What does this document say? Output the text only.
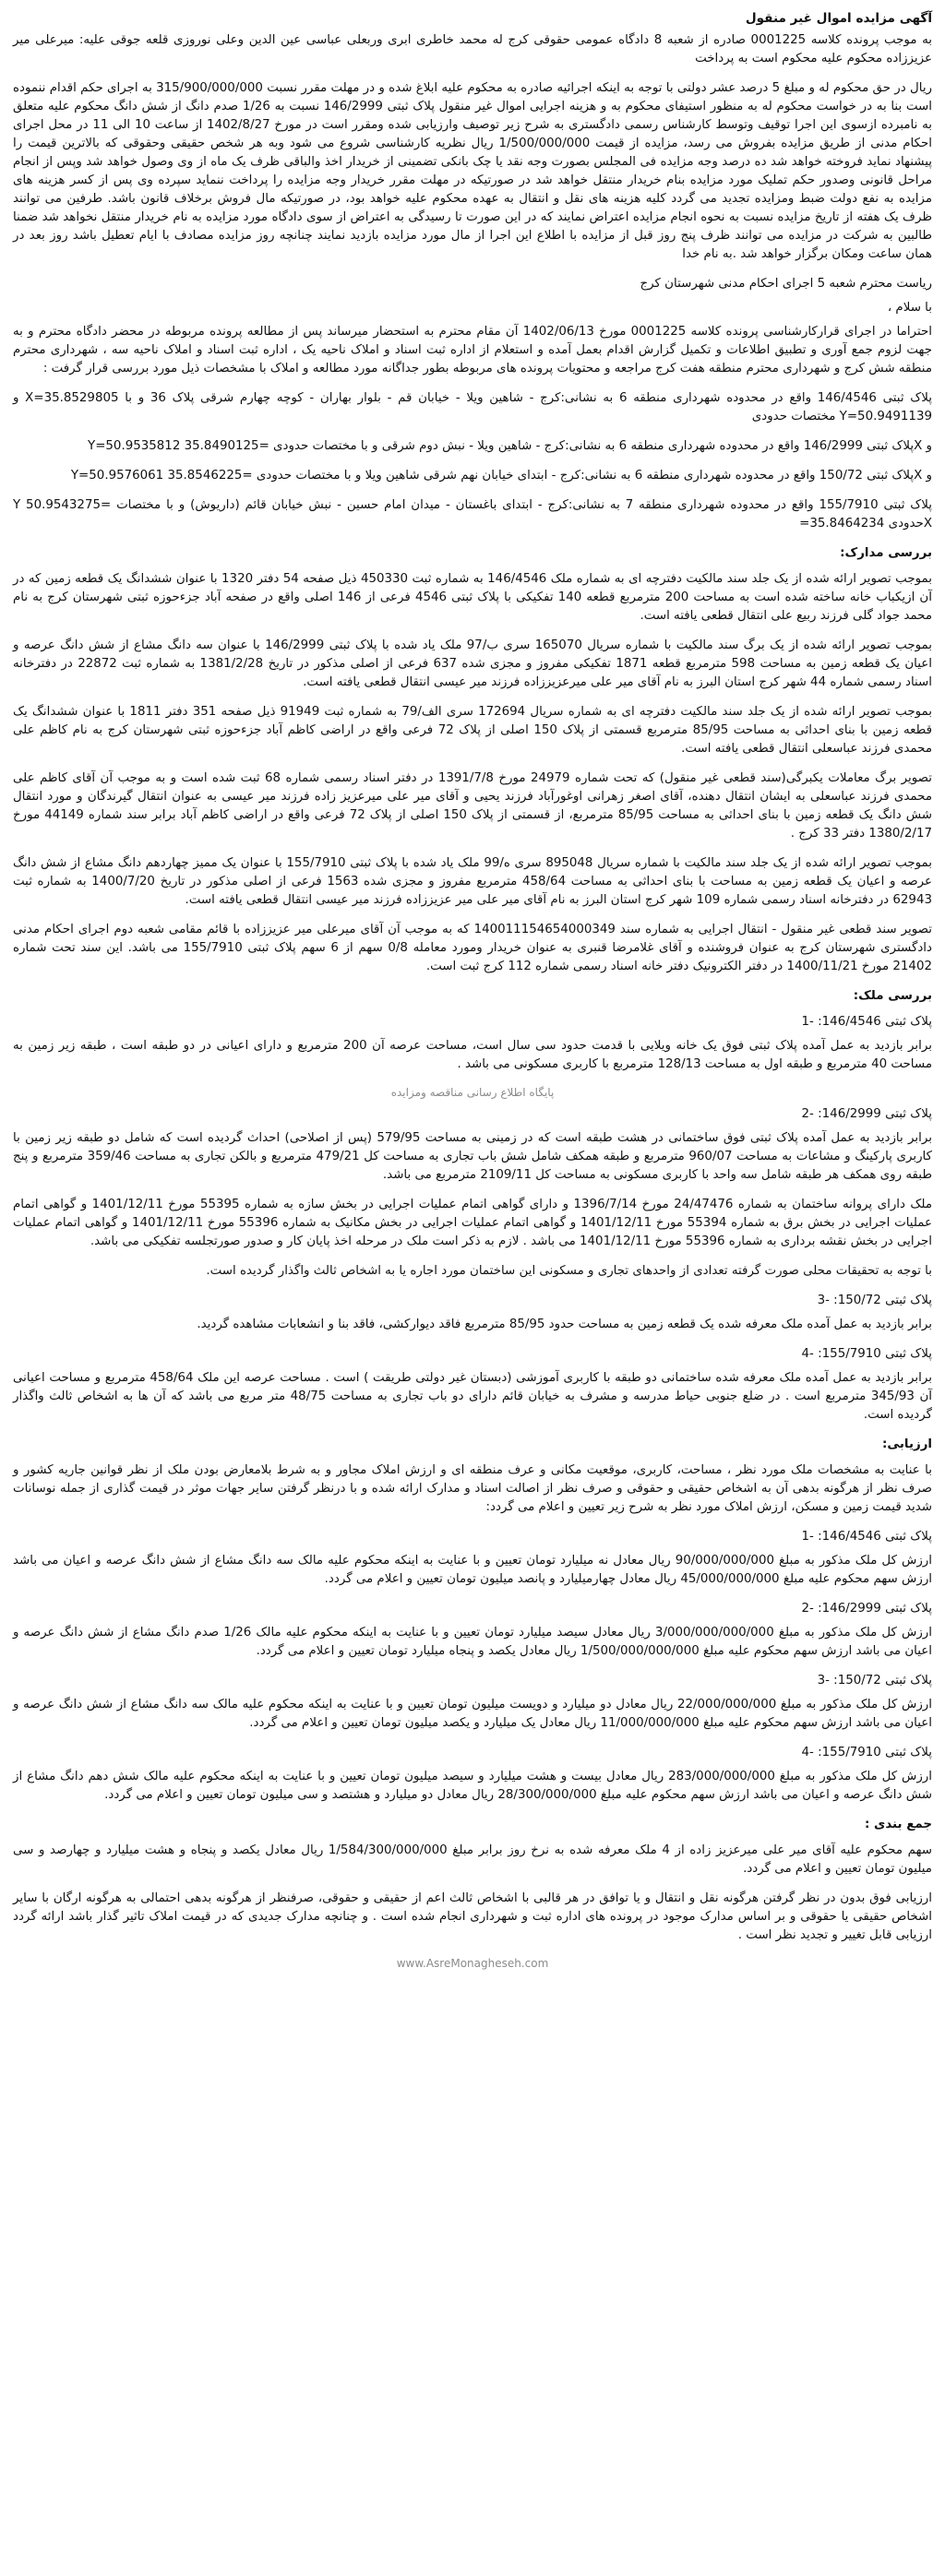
آگهی مزایده اموال غیر منقول

به موجب پرونده کلاسه 0001225 صادره از شعبه 8 دادگاه عمومی حقوقی کرج له محمد خاطری ابری وربعلی عباسی عین الدین وعلی نوروزی قلعه جوقی علیه: میرعلی میر عزیززاده محکوم علیه محکوم است به پرداخت

ریال در حق محکوم له و مبلغ 5 درصد عشر دولتی با توجه به اینکه اجرائیه صادره به محکوم علیه ابلاغ شده و در مهلت مقرر نسبت 315/900/000/000 به اجرای حکم اقدام ننموده است بنا به در خواست محکوم له به منظور استیفای محکوم به و هزینه اجرایی اموال غیر منقول پلاک ثبتی 146/2999 نسبت به 1/26 صدم دانگ از شش دانگ محکوم علیه متعلق به نامبرده ازسوی این اجرا توقیف وتوسط کارشناس رسمی دادگستری به شرح زیر توصیف وارزیابی شده ومقرر است در مورخ 1402/8/27 از ساعت 10 الی 11 در محل اجرای احکام مدنی از طریق مزایده بفروش می رسد، مزایده از قیمت 1/500/000/000 ریال نظریه کارشناسی شروع می شود وبه هر شخص حقیقی وحقوقی که بالاترین قیمت را پیشنهاد نماید فروخته خواهد شد ده درصد وجه مزایده فی المجلس بصورت وجه نقد یا چک بانکی تضمینی از خریدار اخذ والباقی ظرف یک ماه از وی وصول خواهد شد وپس از انجام مراحل قانونی وصدور حکم تملیک مورد مزایده بنام خریدار منتقل خواهد شد در صورتیکه در مهلت مقرر خریدار وجه مزایده را پرداخت ننماید سپرده وی پس از کسر هزینه های مزایده به نفع دولت ضبط ومزایده تجدید می گردد کلیه هزینه های نقل و انتقال به عهده محکوم علیه خواهد بود، در صورتیکه مال فروش برخلاف قانون باشد. طرفین می توانند ظرف یک هفته از تاریخ مزایده نسبت به نحوه انجام مزایده اعتراض نمایند که در این صورت تا رسیدگی به اعتراض از سوی دادگاه مورد مزایده به نام خریدار منتقل نخواهد شد ضمنا طالبین به شرکت در مزایده می توانند ظرف پنج روز قبل از مزایده با اطلاع این اجرا از مال مورد مزایده بازدید نمایند چنانچه روز مزایده مصادف با ایام تعطیل باشد روز بعد در همان ساعت ومکان برگزار خواهد شد .به نام خدا

ریاست محترم شعبه 5 اجرای احکام مدنی شهرستان کرج
با سلام ،

احتراما در اجرای قرارکارشناسی پرونده کلاسه 0001225 مورخ 1402/06/13 آن مقام محترم به استحضار میرساند پس از مطالعه پرونده مربوطه در محضر دادگاه محترم و به جهت لزوم جمع آوری و تطبیق اطلاعات و تکمیل گزارش اقدام بعمل آمده و استعلام از اداره ثبت اسناد و املاک ناحیه یک ، اداره ثبت اسناد و املاک ناحیه سه ، شهرداری محترم منطقه شش کرج و شهرداری محترم منطقه هفت کرج مراجعه و محتویات پرونده های مربوطه بطور جداگانه مورد مطالعه و املاک با مشخصات ذیل مورد بررسی قرار گرفت :

پلاک ثبتی 146/4546 واقع در محدوده شهرداری منطقه 6 به نشانی:کرج - شاهین ویلا - خیابان قم - بلوار بهاران - کوچه چهارم شرقی پلاک 36 و با X=35.8529805 و Y=50.9491139 مختصات حدودی

و Xپلاک ثبتی 146/2999 واقع در محدوده شهرداری منطقه 6 به نشانی:کرج - شاهین ویلا - نبش دوم شرقی و با مختصات حدودی =35.8490125 Y=50.9535812

و Xپلاک ثبتی 150/72 واقع در محدوده شهرداری منطقه 6 به نشانی:کرج - ابتدای خیابان نهم شرقی شاهین ویلا و با مختصات حدودی =35.8546225 Y=50.9576061

پلاک ثبتی 155/7910 واقع در محدوده شهرداری منطقه 7 به نشانی:کرج - ابتدای باغستان - میدان امام حسین - نبش خیابان قائم (داریوش) و با مختصات =Y 50.9543275 Xحدودی 35.8464234=

بررسی مدارک:

بموجب تصویر ارائه شده از یک جلد سند مالکیت دفترچه ای به شماره ملک 146/4546 به شماره ثبت 450330 ذیل صفحه 54 دفتر 1320 با عنوان ششدانگ یک قطعه زمین که در آن ازیکباب خانه ساخته شده است به مساحت 200 مترمربع قطعه 140 تفکیکی با پلاک ثبتی 4546 فرعی از 146 اصلی واقع در صفحه آباد جزءحوزه ثبتی شهرستان کرج به نام محمد جواد گلی فرزند ربیع علی انتقال قطعی یافته است.

بموجب تصویر ارائه شده از یک برگ سند مالکیت با شماره سریال 165070 سری ب/97 ملک یاد شده با پلاک ثبتی 146/2999 با عنوان سه دانگ مشاع از شش دانگ عرصه و اعیان یک قطعه زمین به مساحت 598 مترمربع قطعه 1871 تفکیکی مفروز و مجزی شده 637 فرعی از اصلی مذکور در تاریخ 1381/2/28 به شماره ثبت 22872 در دفترخانه اسناد رسمی شماره 44 شهر کرج استان البرز به نام آقای میر علی میرعزیززاده فرزند میر عیسی انتقال قطعی یافته است.

بموجب تصویر ارائه شده از یک جلد سند مالکیت دفترچه ای به شماره سریال 172694 سری الف/79 به شماره ثبت 91949 ذیل صفحه 351 دفتر 1811 با عنوان ششدانگ یک قطعه زمین با بنای احداثی به مساحت 85/95 مترمربع قسمتی از پلاک 150 اصلی از پلاک 72 فرعی واقع در اراضی کاظم آباد جزءحوزه ثبتی شهرستان کرج به نام کاظم علی محمدی فرزند عباسعلی انتقال قطعی یافته است.

تصویر برگ معاملات یکبرگی(سند قطعی غیر منقول) که تحت شماره 24979 مورخ 1391/7/8 در دفتر اسناد رسمی شماره 68 ثبت شده است و به موجب آن آقای کاظم علی محمدی فرزند عباسعلی به ایشان انتقال دهنده، آقای اصغر زهرانی اوغورآباد فرزند یحیی و آقای میر علی میرعزیز زاده فرزند میر عیسی به عنوان انتقال گیرندگان و مورد انتقال شش دانگ یک قطعه زمین با بنای احداثی به مساحت 85/95 مترمربع، از قسمتی از پلاک 150 اصلی از پلاک 72 فرعی واقع در اراضی کاظم آباد برابر سند شماره 44149 مورخ 1380/2/17 دفتر 33 کرج .

بموجب تصویر ارائه شده از یک جلد سند مالکیت با شماره سریال 895048 سری ه/99 ملک یاد شده با پلاک ثبتی 155/7910 با عنوان یک ممیز چهاردهم دانگ مشاع از شش دانگ عرصه و اعیان یک قطعه زمین به مساحت با بنای احداثی به مساحت 458/64 مترمربع مفروز و مجزی شده 1563 فرعی از اصلی مذکور در تاریخ 1400/7/20 به شماره ثبت 62943 در دفترخانه اسناد رسمی شماره 109 شهر کرج استان البرز به نام آقای میر علی میر عزیززاده فرزند میر عیسی انتقال قطعی یافته است.

تصویر سند قطعی غیر منقول - انتقال اجرایی به شماره سند 140011154654000349 که به موجب آن آقای میرعلی میر عزیززاده با قائم مقامی شعبه دوم اجرای احکام مدنی دادگستری شهرستان کرج به عنوان فروشنده و آقای غلامرضا قنبری به عنوان خریدار ومورد معامله 0/8 سهم از 6 سهم پلاک ثبتی 155/7910 می باشد. این سند تحت شماره 21402 مورخ 1400/11/21 در دفتر الکترونیک دفتر خانه اسناد رسمی شماره 112 کرج ثبت است.

بررسی ملک:
پلاک ثبتی 146/4546: -1

برابر بازدید به عمل آمده پلاک ثبتی فوق یک خانه ویلایی با قدمت حدود سی سال است، مساحت عرصه آن 200 مترمربع و دارای اعیانی در دو طبقه است ، طبقه زیر زمین به مساحت 40 مترمربع و طبقه اول به مساحت 128/13 مترمربع با کاربری مسکونی می باشد .

پایگاه اطلاع رسانی مناقصه ومزایده
پلاک ثبتی 146/2999: -2

برابر بازدید به عمل آمده پلاک ثبتی فوق ساختمانی در هشت طبقه است که در زمینی به مساحت 579/95 (پس از اصلاحی) احداث گردیده است که شامل دو طبقه زیر زمین با کاربری پارکینگ و مشاعات به مساحت 960/07 مترمربع و طبقه همکف شامل شش باب تجاری به مساحت کل 479/21 مترمربع و بالکن تجاری به مساحت 359/46 مترمربع و پنج طبقه روی همکف هر طبقه شامل سه واحد با کاربری مسکونی به مساحت کل 2109/11 مترمربع می باشد.

ملک دارای پروانه ساختمان به شماره 24/47476 مورخ 1396/7/14 و دارای گواهی اتمام عملیات اجرایی در بخش سازه به شماره 55395 مورخ 1401/12/11 و گواهی اتمام عملیات اجرایی در بخش برق به شماره 55394 مورخ 1401/12/11 و گواهی اتمام عملیات اجرایی در بخش مکانیک به شماره 55396 مورخ 1401/12/11 و گواهی اتمام عملیات اجرایی در بخش نقشه برداری به شماره 55396 مورخ 1401/12/11 می باشد . لازم به ذکر است ملک در مرحله اخذ پایان کار و صدور صورتجلسه تفکیکی می باشد.

با توجه به تحقیقات محلی صورت گرفته تعدادی از واحدهای تجاری و مسکونی این ساختمان مورد اجاره یا به اشخاص ثالث واگذار گردیده است.

پلاک ثبتی 150/72: -3

برابر بازدید به عمل آمده ملک معرفه شده یک قطعه زمین به مساحت حدود 85/95 مترمربع فاقد دیوارکشی، فاقد بنا و انشعابات مشاهده گردید.

پلاک ثبتی 155/7910: -4

برابر بازدید به عمل آمده ملک معرفه شده ساختمانی دو طبقه با کاربری آموزشی (دبستان غیر دولتی طریقت ) است . مساحت عرصه این ملک 458/64 مترمربع و مساحت اعیانی آن 345/93 مترمربع است . در ضلع جنوبی حیاط مدرسه و مشرف به خیابان قائم دارای دو باب تجاری به مساحت 48/75 متر مربع می باشد که آن ها به اشخاص ثالث واگذار گردیده است.

ارزیابی:

با عنایت به مشخصات ملک مورد نظر ، مساحت، کاربری، موقعیت مکانی و عرف منطقه ای و ارزش املاک مجاور و به شرط بلامعارض بودن ملک از نظر قوانین جاریه کشور و صرف نظر از هرگونه بدهی آن به اشخاص حقیقی و حقوقی و صرف نظر از اصالت اسناد و مدارک ارائه شده و با درنظر گرفتن سایر جهات موثر در قیمت گذاری از جمله نوسانات شدید قیمت زمین و مسکن، ارزش املاک مورد نظر به شرح زیر تعیین و اعلام می گردد:

پلاک ثبتی 146/4546: -1

ارزش کل ملک مذکور به مبلغ 90/000/000/000 ریال معادل نه میلیارد تومان تعیین و با عنایت به اینکه محکوم علیه مالک سه دانگ مشاع از شش دانگ عرصه و اعیان می باشد ارزش سهم محکوم علیه مبلغ 45/000/000/000 ریال معادل چهارمیلیارد و پانصد میلیون تومان تعیین و اعلام می گردد.

پلاک ثبتی 146/2999: -2

ارزش کل ملک مذکور به مبلغ 3/000/000/000/000 ریال معادل سیصد میلیارد تومان تعیین و با عنایت به اینکه محکوم علیه مالک 1/26 صدم دانگ مشاع از شش دانگ عرصه و اعیان می باشد ارزش سهم محکوم علیه مبلغ 1/500/000/000/000 ریال معادل یکصد و پنجاه میلیارد تومان تعیین و اعلام می گردد.

پلاک ثبتی 150/72: -3

ارزش کل ملک مذکور به مبلغ 22/000/000/000 ریال معادل دو میلیارد و دویست میلیون تومان تعیین و با عنایت به اینکه محکوم علیه مالک سه دانگ مشاع از شش دانگ عرصه و اعیان می باشد ارزش سهم محکوم علیه مبلغ 11/000/000/000 ریال معادل یک میلیارد و یکصد میلیون تومان تعیین و اعلام می گردد.

پلاک ثبتی 155/7910: -4

ارزش کل ملک مذکور به مبلغ 283/000/000/000 ریال معادل بیست و هشت میلیارد و سیصد میلیون تومان تعیین و با عنایت به اینکه محکوم علیه مالک شش دهم دانگ مشاع از شش دانگ عرصه و اعیان می باشد ارزش سهم محکوم علیه مبلغ 28/300/000/000 ریال معادل دو میلیارد و هشتصد و سی میلیون تومان تعیین و اعلام می گردد.

جمع بندی :

سهم محکوم علیه آقای میر علی میرعزیز زاده از 4 ملک معرفه شده به نرخ روز برابر مبلغ 1/584/300/000/000 ریال معادل یکصد و پنجاه و هشت میلیارد و چهارصد و سی میلیون تومان تعیین و اعلام می گردد.

ارزیابی فوق بدون در نظر گرفتن هرگونه نقل و انتقال و یا توافق در هر قالبی با اشخاص ثالث اعم از حقیقی و حقوقی، صرفنظر از هرگونه بدهی احتمالی به هرگونه ارگان با سایر اشخاص حقیقی یا حقوقی و بر اساس مدارک موجود در پرونده های اداره ثبت و شهرداری انجام شده است . و چنانچه مدارک جدیدی که در قیمت املاک تاثیر گذار باشد ارائه گردد ارزیابی قابل تغییر و تجدید نظر است .

www.AsreMonagheseh.com
